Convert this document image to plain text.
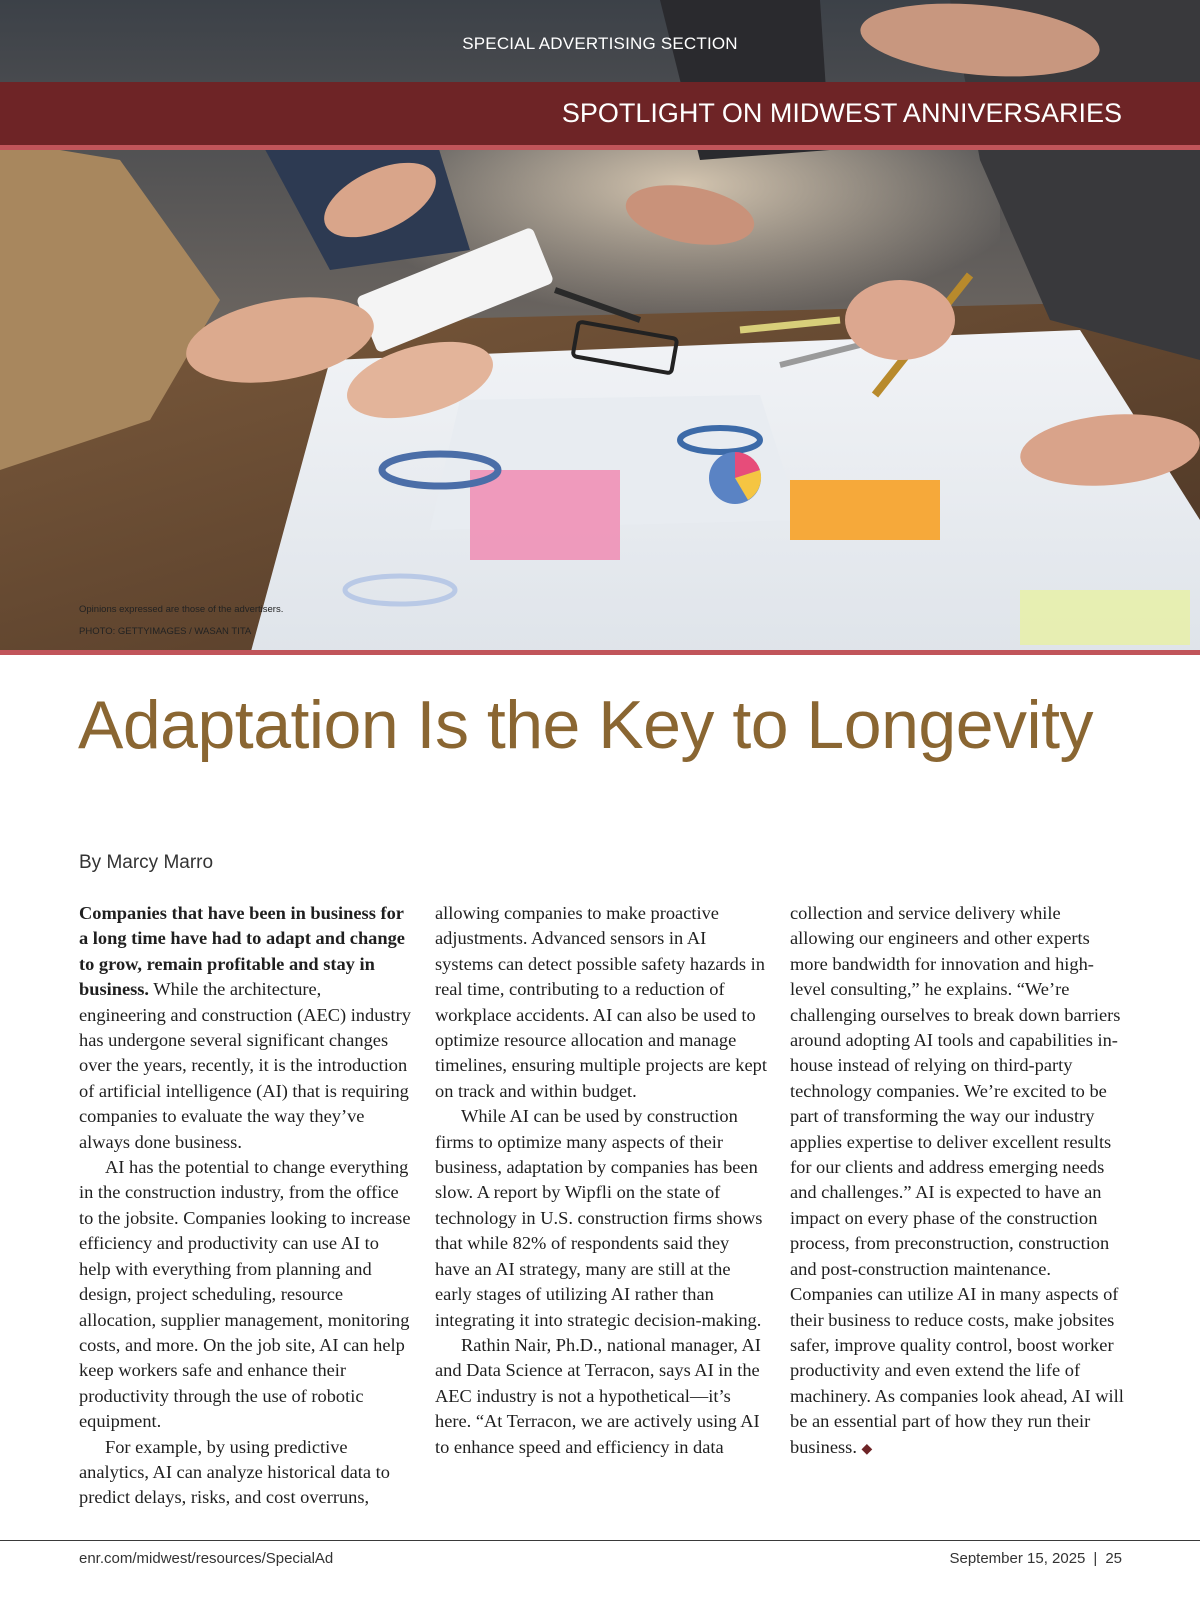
SPECIAL ADVERTISING SECTION
SPOTLIGHT ON MIDWEST ANNIVERSARIES
Opinions expressed are those of the advertisers.
PHOTO: GETTYIMAGES / WASAN TITA
Adaptation Is the Key to Longevity
By Marcy Marro

Companies that have been in business for a long time have had to adapt and change to grow, remain profitable and stay in business. While the architecture, engineering and construction (AEC) industry has undergone several significant changes over the years, recently, it is the introduction of artificial intelligence (AI) that is requiring companies to evaluate the way they’ve always done business.

AI has the potential to change everything in the construction industry, from the office to the jobsite. Companies looking to increase efficiency and productivity can use AI to help with everything from planning and design, project scheduling, resource allocation, supplier management, monitoring costs, and more. On the job site, AI can help keep workers safe and enhance their productivity through the use of robotic equipment.

For example, by using predictive analytics, AI can analyze historical data to predict delays, risks, and cost overruns,

allowing companies to make proactive adjustments. Advanced sensors in AI systems can detect possible safety hazards in real time, contributing to a reduction of workplace accidents. AI can also be used to optimize resource allocation and manage timelines, ensuring multiple projects are kept on track and within budget.

While AI can be used by construction firms to optimize many aspects of their business, adaptation by companies has been slow. A report by Wipfli on the state of technology in U.S. construction firms shows that while 82% of respondents said they have an AI strategy, many are still at the early stages of utilizing AI rather than integrating it into strategic decision-making.

Rathin Nair, Ph.D., national manager, AI and Data Science at Terracon, says AI in the AEC industry is not a hypothetical—it’s here. “At Terracon, we are actively using AI to enhance speed and efficiency in data

collection and service delivery while allowing our engineers and other experts more bandwidth for innovation and high-level consulting,” he explains. “We’re challenging ourselves to break down barriers around adopting AI tools and capabilities in-house instead of relying on third-party technology companies. We’re excited to be part of transforming the way our industry applies expertise to deliver excellent results for our clients and address emerging needs and challenges.” AI is expected to have an impact on every phase of the construction process, from preconstruction, construction and post-construction maintenance. Companies can utilize AI in many aspects of their business to reduce costs, make jobsites safer, improve quality control, boost worker productivity and even extend the life of machinery. As companies look ahead, AI will be an essential part of how they run their business. ◆

enr.com/midwest/resources/SpecialAd	September 15, 2025 | 25
